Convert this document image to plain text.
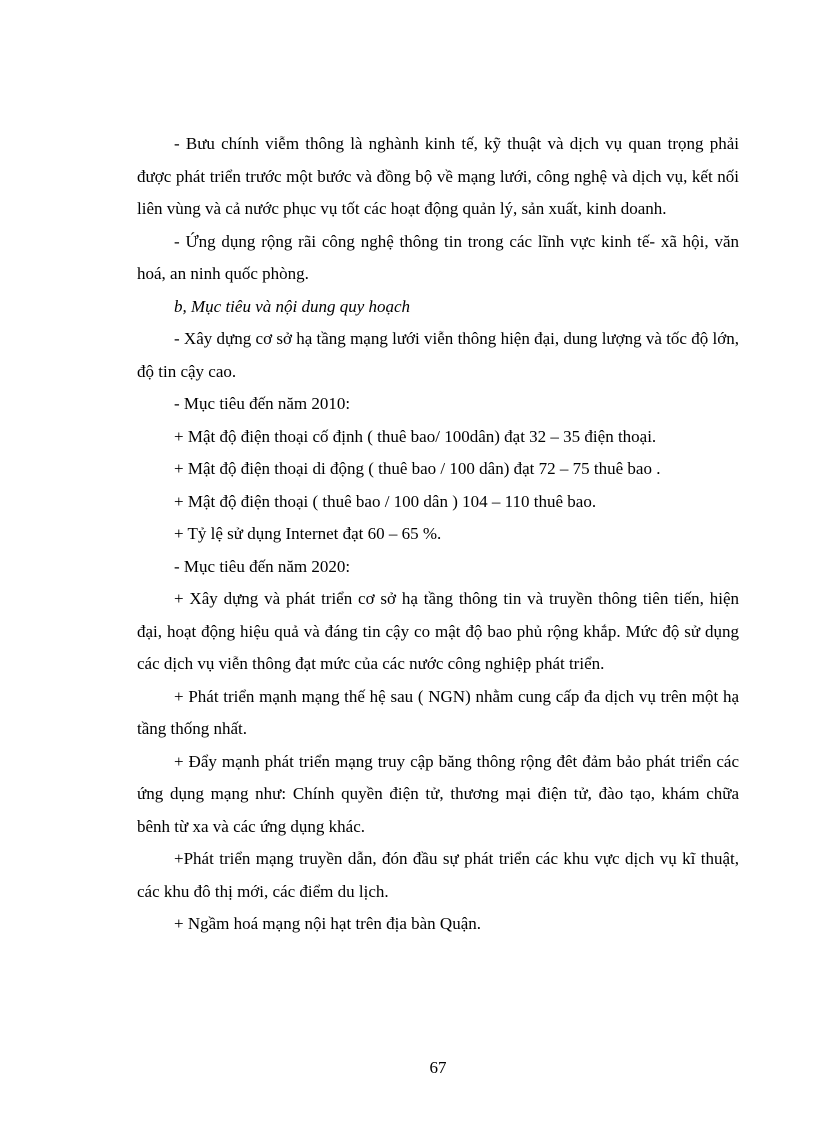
- Bưu chính viễm thông là nghành kinh tế, kỹ thuật và dịch vụ quan trọng phải được phát triển trước một bước và đồng bộ về mạng lưới, công nghệ và dịch vụ, kết nối liên vùng và cả nước phục vụ tốt các hoạt động quản lý, sản xuất, kinh doanh.

- Ứng dụng rộng rãi công nghệ thông tin trong các lĩnh vực kinh tế- xã hội, văn hoá, an ninh quốc phòng.

b, Mục tiêu và nội dung quy hoạch

- Xây dựng cơ sở hạ tầng mạng lưới viễn thông hiện đại, dung lượng và tốc độ lớn, độ tin cậy cao.

- Mục tiêu đến năm 2010:

+ Mật độ điện thoại cố định ( thuê bao/ 100dân) đạt 32 – 35 điện thoại.

+ Mật độ điện thoại di động ( thuê bao / 100 dân) đạt 72 – 75 thuê bao .

+ Mật độ điện thoại ( thuê bao / 100 dân ) 104 – 110 thuê bao.

+ Tỷ lệ sử dụng Internet đạt 60 – 65 %.

- Mục tiêu đến năm 2020:

+ Xây dựng và phát triển cơ sở hạ tầng thông tin và truyền thông tiên tiến, hiện đại, hoạt động hiệu quả và đáng tin cậy co mật độ bao phủ rộng khắp. Mức độ sử dụng các dịch vụ viễn thông đạt mức của các nước công nghiệp phát triển.

+ Phát triển mạnh mạng thế hệ sau ( NGN) nhằm cung cấp đa dịch vụ trên một hạ tầng thống nhất.

+ Đẩy mạnh phát triển mạng truy cập băng thông rộng đêt đảm bảo phát triển các ứng dụng mạng như: Chính quyền điện tử, thương mại điện tử, đào tạo, khám chữa bênh từ xa và các ứng dụng khác.

+Phát triển mạng truyền dẫn, đón đầu sự phát triển các khu vực dịch vụ kĩ thuật, các khu đô thị mới, các điểm du lịch.

+ Ngầm hoá mạng nội hạt trên địa bàn Quận.

67
